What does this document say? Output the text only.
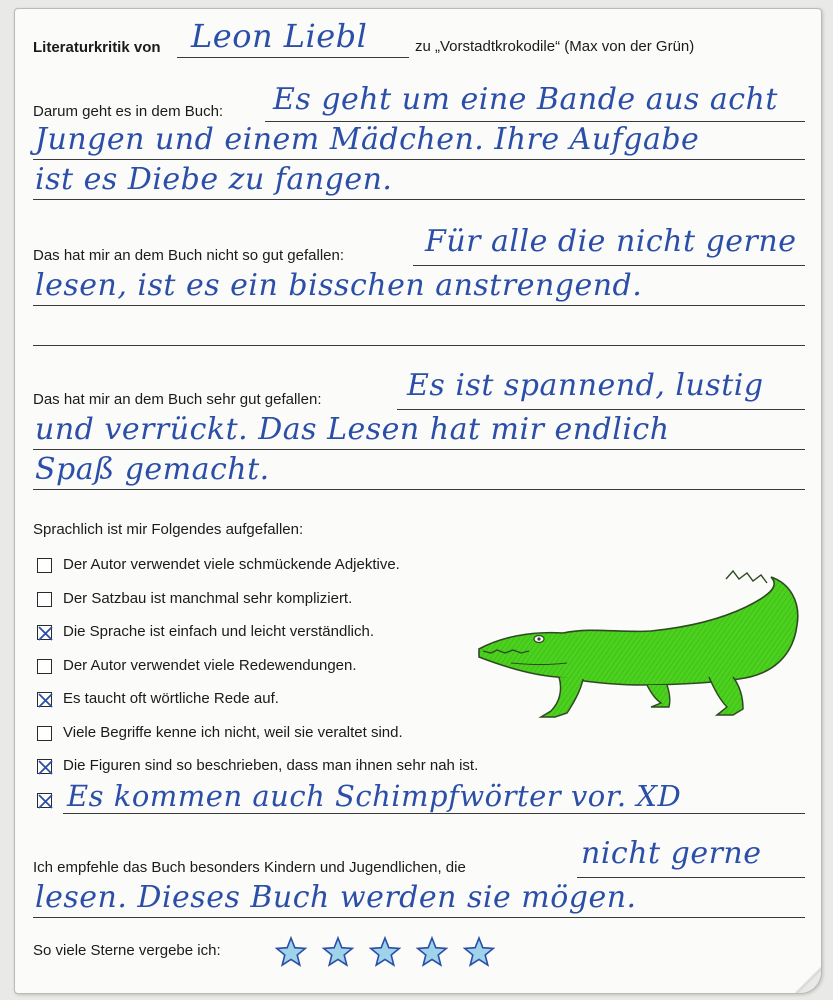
Literaturkritik von Leon Liebl	zu „Vorstadtkrokodile“ (Max von der Grün)
Darum geht es in dem Buch: Es geht um eine Bande aus acht
Jungen und einem Mädchen. Ihre Aufgabe
ist es Diebe zu fangen.
Das hat mir an dem Buch nicht so gut gefallen:	Für alle die nicht gerne
lesen, ist es ein bisschen anstrengend.
Das hat mir an dem Buch sehr gut gefallen:	Es ist spannend, lustig
und verrückt. Das Lesen hat mir endlich
Spaß gemacht.
Sprachlich ist mir Folgendes aufgefallen:
Der Autor verwendet viele schmückende Adjektive.
Der Satzbau ist manchmal sehr kompliziert.
Die Sprache ist einfach und leicht verständlich.
Der Autor verwendet viele Redewendungen.
Es taucht oft wörtliche Rede auf.
Viele Begriffe kenne ich nicht, weil sie veraltet sind.
Die Figuren sind so beschrieben, dass man ihnen sehr nah ist.
Es kommen auch Schimpfwörter vor. XD
Ich empfehle das Buch besonders Kindern und Jugendlichen, die	nicht gerne
lesen. Dieses Buch werden sie mögen.
So viele Sterne vergebe ich:
